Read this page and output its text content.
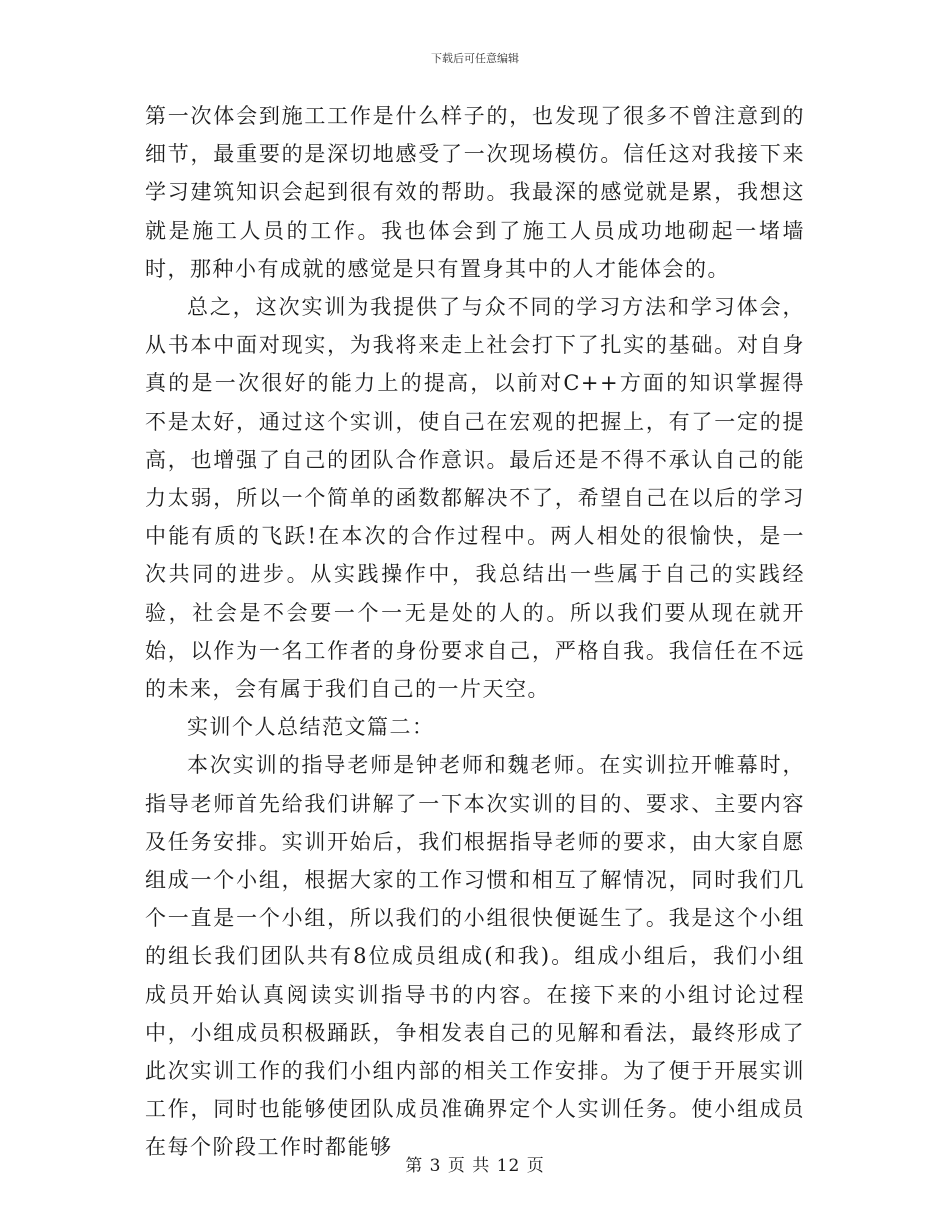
下载后可任意编辑

第一次体会到施工工作是什么样子的，也发现了很多不曾注意到的细节，最重要的是深切地感受了一次现场模仿。信任这对我接下来学习建筑知识会起到很有效的帮助。我最深的感觉就是累，我想这就是施工人员的工作。我也体会到了施工人员成功地砌起一堵墙时，那种小有成就的感觉是只有置身其中的人才能体会的。

总之，这次实训为我提供了与众不同的学习方法和学习体会，从书本中面对现实，为我将来走上社会打下了扎实的基础。对自身真的是一次很好的能力上的提高，以前对C++方面的知识掌握得不是太好，通过这个实训，使自己在宏观的把握上，有了一定的提高，也增强了自己的团队合作意识。最后还是不得不承认自己的能力太弱，所以一个简单的函数都解决不了，希望自己在以后的学习中能有质的飞跃!在本次的合作过程中。两人相处的很愉快，是一次共同的进步。从实践操作中，我总结出一些属于自己的实践经验，社会是不会要一个一无是处的人的。所以我们要从现在就开始，以作为一名工作者的身份要求自己，严格自我。我信任在不远的未来，会有属于我们自己的一片天空。

实训个人总结范文篇二：

本次实训的指导老师是钟老师和魏老师。在实训拉开帷幕时，指导老师首先给我们讲解了一下本次实训的目的、要求、主要内容及任务安排。实训开始后，我们根据指导老师的要求，由大家自愿组成一个小组，根据大家的工作习惯和相互了解情况，同时我们几个一直是一个小组，所以我们的小组很快便诞生了。我是这个小组的组长我们团队共有8位成员组成(和我)。组成小组后，我们小组成员开始认真阅读实训指导书的内容。在接下来的小组讨论过程中，小组成员积极踊跃，争相发表自己的见解和看法，最终形成了此次实训工作的我们小组内部的相关工作安排。为了便于开展实训工作，同时也能够使团队成员准确界定个人实训任务。使小组成员在每个阶段工作时都能够

第 3 页 共 12 页
